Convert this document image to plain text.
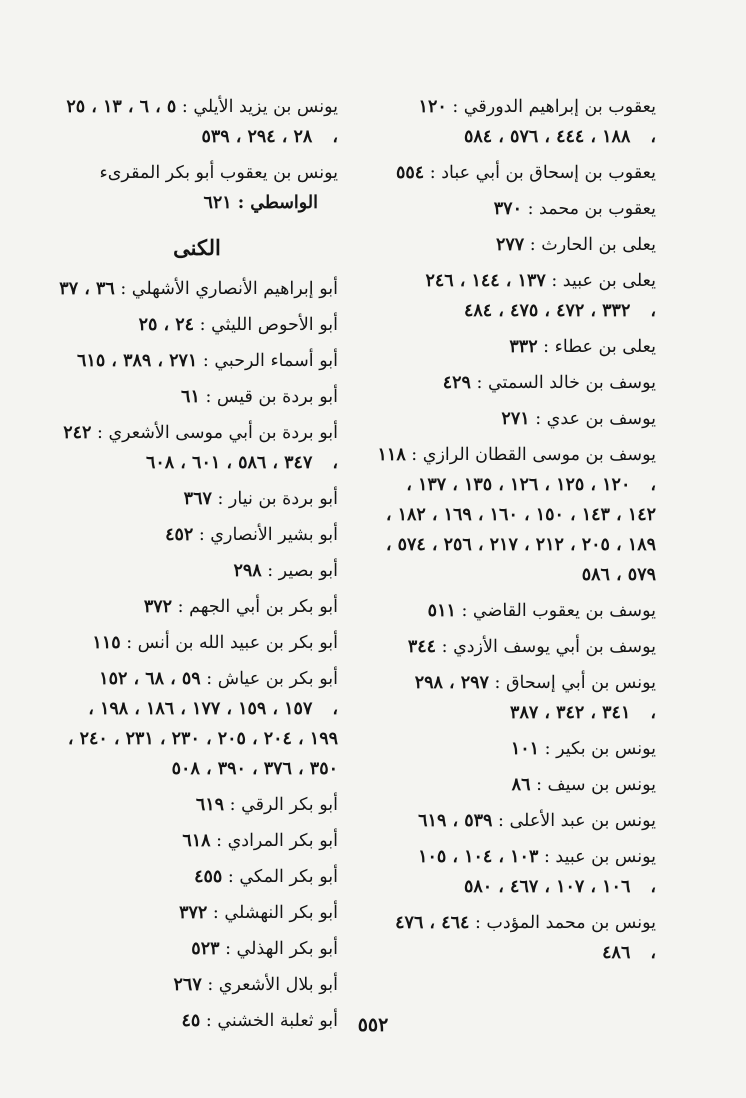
يعقوب بن إبراهيم الدورقي : ١٢٠ ،١٨٨ ، ٤٤٤ ، ٥٧٦ ، ٥٨٤
يعقوب بن إسحاق بن أبي عباد : ٥٥٤
يعقوب بن محمد : ٣٧٠
يعلى بن الحارث : ٢٧٧
يعلى بن عبيد : ١٣٧ ، ١٤٤ ، ٢٤٦ ،٣٣٢ ، ٤٧٢ ، ٤٧٥ ، ٤٨٤
يعلى بن عطاء : ٣٣٢
يوسف بن خالد السمتي : ٤٢٩
يوسف بن عدي : ٢٧١
يوسف بن موسى القطان الرازي : ١١٨ ،١٢٠ ، ١٢٥ ، ١٢٦ ، ١٣٥ ، ١٣٧ ، ١٤٢ ، ١٤٣ ، ١٥٠ ، ١٦٠ ، ١٦٩ ، ١٨٢ ، ١٨٩ ، ٢٠٥ ، ٢١٢ ، ٢١٧ ، ٢٥٦ ، ٥٧٤ ، ٥٧٩ ، ٥٨٦
يوسف بن يعقوب القاضي : ٥١١
يوسف بن أبي يوسف الأزدي : ٣٤٤
يونس بن أبي إسحاق : ٢٩٧ ، ٢٩٨ ،٣٤١ ، ٣٤٢ ، ٣٨٧
يونس بن بكير : ١٠١
يونس بن سيف : ٨٦
يونس بن عبد الأعلى : ٥٣٩ ، ٦١٩
يونس بن عبيد : ١٠٣ ، ١٠٤ ، ١٠٥ ،١٠٦ ، ١٠٧ ، ٤٦٧ ، ٥٨٠
يونس بن محمد المؤدب : ٤٦٤ ، ٤٧٦ ،٤٨٦
يونس بن يزيد الأيلي : ٥ ، ٦ ، ١٣ ، ٢٥ ،٢٨ ، ٢٩٤ ، ٥٣٩
يونس بن يعقوب أبو بكر المقرىء الواسطي : ٦٢١
الكنى
أبو إبراهيم الأنصاري الأشهلي : ٣٦ ، ٣٧
أبو الأحوص الليثي : ٢٤ ، ٢٥
أبو أسماء الرحبي : ٢٧١ ، ٣٨٩ ، ٦١٥
أبو بردة بن قيس : ٦١
أبو بردة بن أبي موسى الأشعري : ٢٤٢ ،٣٤٧ ، ٥٨٦ ، ٦٠١ ، ٦٠٨
أبو بردة بن نيار : ٣٦٧
أبو بشير الأنصاري : ٤٥٢
أبو بصير : ٢٩٨
أبو بكر بن أبي الجهم : ٣٧٢
أبو بكر بن عبيد الله بن أنس : ١١٥
أبو بكر بن عياش : ٥٩ ، ٦٨ ، ١٥٢ ،١٥٧ ، ١٥٩ ، ١٧٧ ، ١٨٦ ، ١٩٨ ، ١٩٩ ، ٢٠٤ ، ٢٠٥ ، ٢٣٠ ، ٢٣١ ، ٢٤٠ ، ٣٥٠ ، ٣٧٦ ، ٣٩٠ ، ٥٠٨
أبو بكر الرقي : ٦١٩
أبو بكر المرادي : ٦١٨
أبو بكر المكي : ٤٥٥
أبو بكر النهشلي : ٣٧٢
أبو بكر الهذلي : ٥٢٣
أبو بلال الأشعري : ٢٦٧
أبو ثعلبة الخشني : ٤٥	٥٥٢
